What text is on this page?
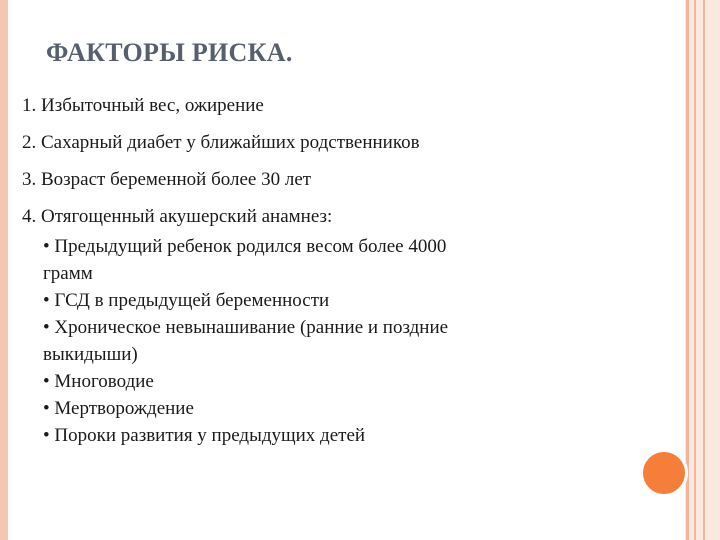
ФАКТОРЫ РИСКА.
1. Избыточный вес, ожирение
2. Сахарный диабет у ближайших родственников
3. Возраст беременной более 30 лет
4. Отягощенный акушерский анамнез:
• Предыдущий ребенок родился весом более 4000
грамм
• ГСД в предыдущей беременности
• Хроническое невынашивание (ранние и поздние
выкидыши)
• Многоводие
• Мертворождение
• Пороки развития у предыдущих детей
